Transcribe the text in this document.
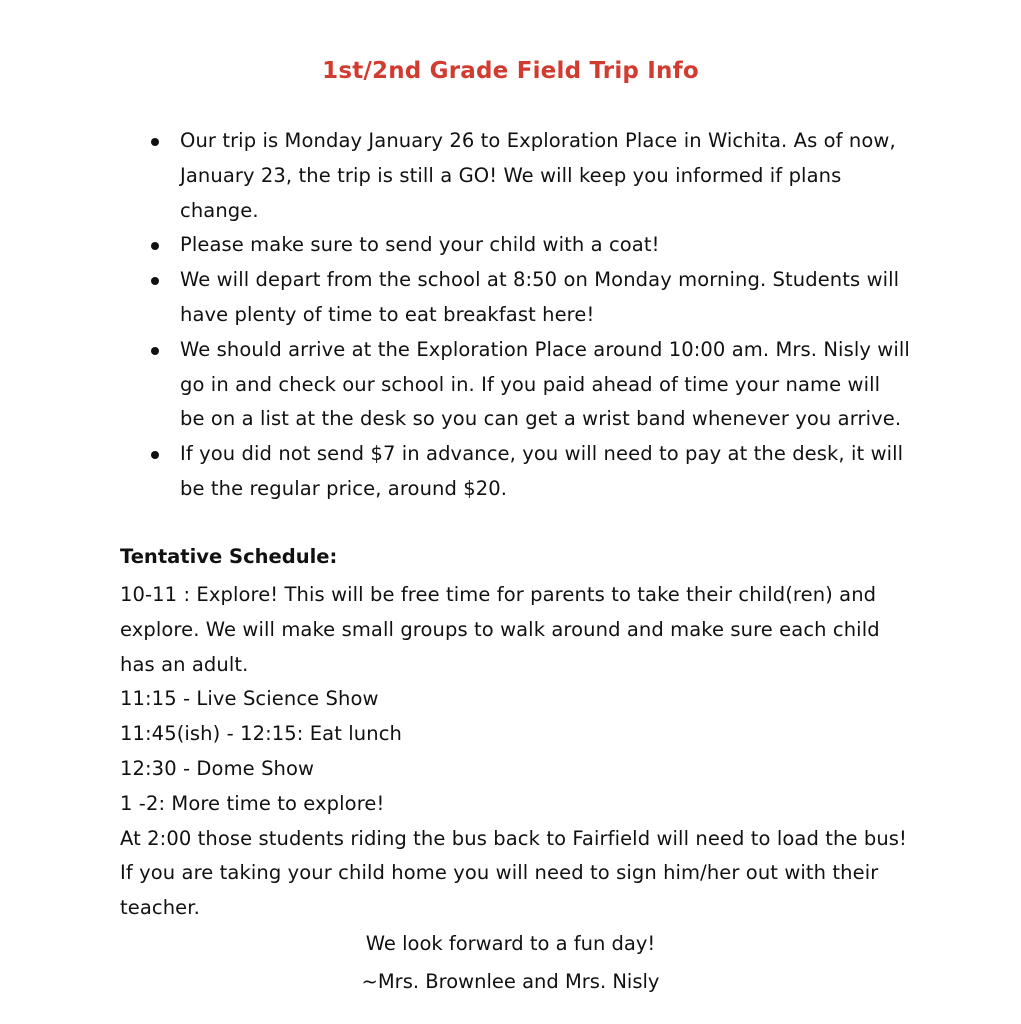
1st/2nd Grade Field Trip Info
Our trip is Monday January 26 to Exploration Place in Wichita. As of now, January 23, the trip is still a GO! We will keep you informed if plans change.
Please make sure to send your child with a coat!
We will depart from the school at 8:50 on Monday morning. Students will have plenty of time to eat breakfast here!
We should arrive at the Exploration Place around 10:00 am. Mrs. Nisly will go in and check our school in. If you paid ahead of time your name will be on a list at the desk so you can get a wrist band whenever you arrive.
If you did not send $7 in advance, you will need to pay at the desk, it will be the regular price, around $20.
Tentative Schedule:

10-11 : Explore! This will be free time for parents to take their child(ren) and explore. We will make small groups to walk around and make sure each child has an adult.

11:15 - Live Science Show

11:45(ish) - 12:15: Eat lunch

12:30 - Dome Show

1 -2: More time to explore!

At 2:00 those students riding the bus back to Fairfield will need to load the bus! If you are taking your child home you will need to sign him/her out with their teacher.

We look forward to a fun day!

~Mrs. Brownlee and Mrs. Nisly
